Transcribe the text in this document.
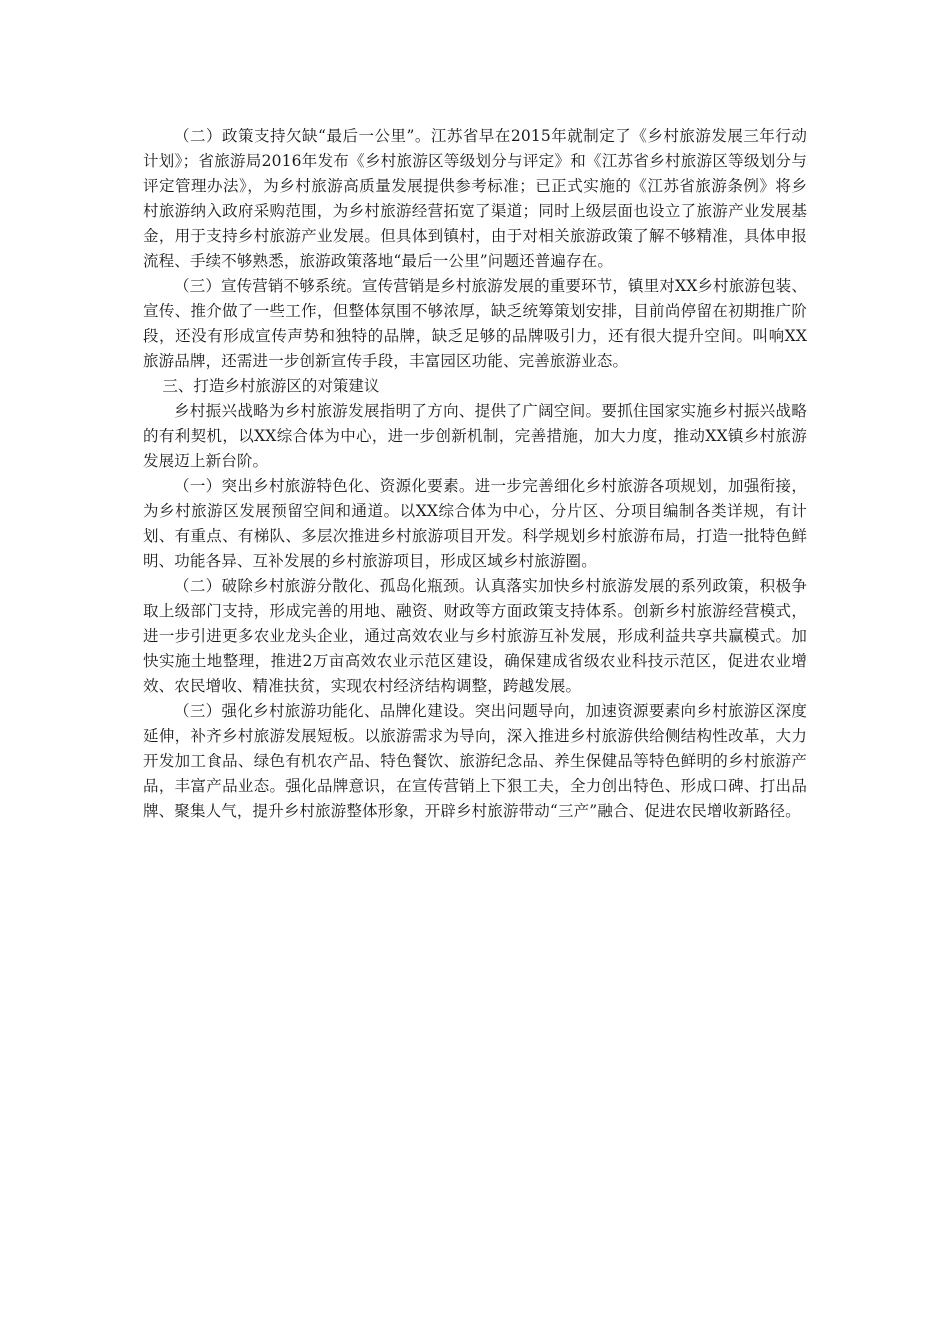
（二）政策支持欠缺“最后一公里”。江苏省早在2015年就制定了《乡村旅游发展三年行动计划》；省旅游局2016年发布《乡村旅游区等级划分与评定》和《江苏省乡村旅游区等级划分与评定管理办法》，为乡村旅游高质量发展提供参考标准；已正式实施的《江苏省旅游条例》将乡村旅游纳入政府采购范围，为乡村旅游经营拓宽了渠道；同时上级层面也设立了旅游产业发展基金，用于支持乡村旅游产业发展。但具体到镇村，由于对相关旅游政策了解不够精准，具体申报流程、手续不够熟悉，旅游政策落地“最后一公里”问题还普遍存在。

（三）宣传营销不够系统。宣传营销是乡村旅游发展的重要环节，镇里对XX乡村旅游包装、宣传、推介做了一些工作，但整体氛围不够浓厚，缺乏统筹策划安排，目前尚停留在初期推广阶段，还没有形成宣传声势和独特的品牌，缺乏足够的品牌吸引力，还有很大提升空间。叫响XX旅游品牌，还需进一步创新宣传手段，丰富园区功能、完善旅游业态。

三、打造乡村旅游区的对策建议

乡村振兴战略为乡村旅游发展指明了方向、提供了广阔空间。要抓住国家实施乡村振兴战略的有利契机，以XX综合体为中心，进一步创新机制，完善措施，加大力度，推动XX镇乡村旅游发展迈上新台阶。

（一）突出乡村旅游特色化、资源化要素。进一步完善细化乡村旅游各项规划，加强衔接，为乡村旅游区发展预留空间和通道。以XX综合体为中心，分片区、分项目编制各类详规，有计划、有重点、有梯队、多层次推进乡村旅游项目开发。科学规划乡村旅游布局，打造一批特色鲜明、功能各异、互补发展的乡村旅游项目，形成区域乡村旅游圈。

（二）破除乡村旅游分散化、孤岛化瓶颈。认真落实加快乡村旅游发展的系列政策，积极争取上级部门支持，形成完善的用地、融资、财政等方面政策支持体系。创新乡村旅游经营模式，进一步引进更多农业龙头企业，通过高效农业与乡村旅游互补发展，形成利益共享共赢模式。加快实施土地整理，推进2万亩高效农业示范区建设，确保建成省级农业科技示范区，促进农业增效、农民增收、精准扶贫，实现农村经济结构调整，跨越发展。

（三）强化乡村旅游功能化、品牌化建设。突出问题导向，加速资源要素向乡村旅游区深度延伸，补齐乡村旅游发展短板。以旅游需求为导向，深入推进乡村旅游供给侧结构性改革，大力开发加工食品、绿色有机农产品、特色餐饮、旅游纪念品、养生保健品等特色鲜明的乡村旅游产品，丰富产品业态。强化品牌意识，在宣传营销上下狠工夫，全力创出特色、形成口碑、打出品牌、聚集人气，提升乡村旅游整体形象，开辟乡村旅游带动“三产”融合、促进农民增收新路径。
